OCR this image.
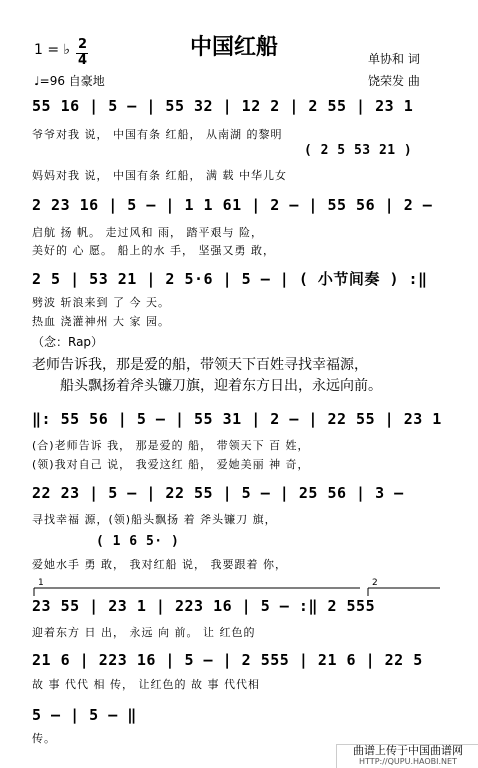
中国红船
1 = ♭ 2
4
♩=96 自豪地
单协和 词
饶荣发 曲
55 16 | 5 – | 55 32 | 12 2 | 2 55 | 23 1
爷爷对我 说， 中国有条 红船， 从南湖 的黎明
( 2 5 53 21 )
妈妈对我 说， 中国有条 红船， 满 载 中华儿女
2 23 16 | 5 – | 1 1 61 | 2 – | 55 56 | 2 –
启航 扬 帆。 走过风和 雨， 踏平艰与 险，
美好的 心 愿。 船上的水 手， 坚强又勇 敢，
2 5 | 53 21 | 2 5·6 | 5 – | ( 小节间奏 ) :‖
劈波 斩浪来到 了 今 天。
热血 浇灌神州 大 家 园。
（念：Rap）
老师告诉我，那是爱的船，带领天下百姓寻找幸福源，
船头飘扬着斧头镰刀旗，迎着东方日出，永远向前。
‖: 55 56 | 5 – | 55 31 | 2 – | 22 55 | 23 1
(合)老师告诉 我， 那是爱的 船， 带领天下 百 姓，
(领)我对自己 说， 我爱这红 船， 爱她美丽 神 奇，
22 23 | 5 – | 22 55 | 5 – | 25 56 | 3 –
寻找幸福 源，(领)船头飘扬 着 斧头镰刀 旗，
( 1 6 5· )
爱她水手 勇 敢， 我对红船 说， 我要跟着 你，
1	2
23 55 | 23 1 | 223 16 | 5 – :‖ 2 555
迎着东方 日 出， 永远 向 前。 让 红色的
21 6 | 223 16 | 5 – | 2 555 | 21 6 | 22 5
故 事 代代 相 传， 让红色的 故 事 代代相
5 – | 5 – ‖
传。
曲谱上传于中国曲谱网
HTTP://QUPU.HAOBI.NET
